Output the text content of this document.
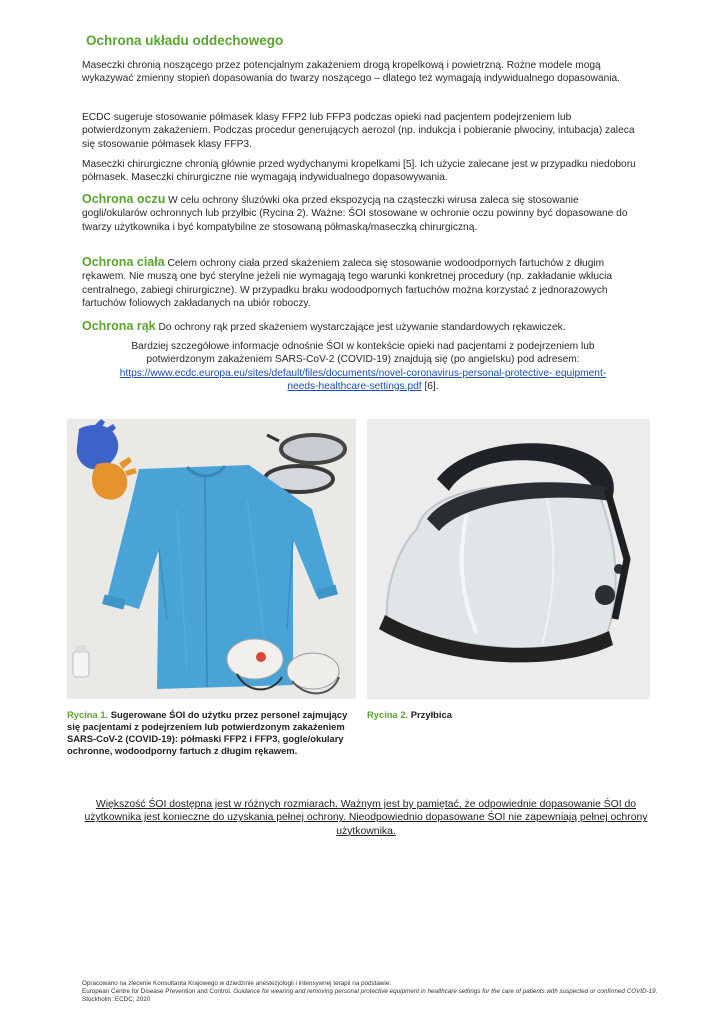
Ochrona układu oddechowego

Maseczki chronią noszącego przez potencjalnym zakażeniem drogą kropelkową i powietrzną. Rożne modele mogą wykazywać zmienny stopień dopasowania do twarzy noszącego – dlatego też wymagają indywidualnego dopasowania.

ECDC sugeruje stosowanie półmasek klasy FFP2 lub FFP3 podczas opieki nad pacjentem podejrzeniem lub potwierdzonym zakażeniem. Podczas procedur generujących aerozol (np. indukcja i pobieranie plwociny, intubacja) zaleca się stosowanie półmasek klasy FFP3.

Maseczki chirurgiczne chronią głównie przed wydychanymi kropelkami [5]. Ich użycie zalecane jest w przypadku niedoboru półmasek. Maseczki chirurgiczne nie wymagają indywidualnego dopasowywania.

Ochrona oczu W celu ochrony śluzówki oka przed ekspozycją na cząsteczki wirusa zaleca się stosowanie gogli/okularów ochronnych lub przyłbic (Rycina 2). Ważne: ŚOI stosowane w ochronie oczu powinny być dopasowane do twarzy użytkownika i być kompatybilne ze stosowaną półmaską/maseczką chirurgiczną.

Ochrona ciała Celem ochrony ciała przed skażeniem zaleca się stosowanie wodoodpornych fartuchów z długim rękawem. Nie muszą one być sterylne jeżeli nie wymagają tego warunki konkretnej procedury (np. zakładanie wkłucia centralnego, zabiegi chirurgiczne). W przypadku braku wodoodpornych fartuchów można korzystać z jednorazowych fartuchów foliowych zakładanych na ubiór roboczy.

Ochrona rąk Do ochrony rąk przed skażeniem wystarczające jest używanie standardowych rękawiczek.

Bardziej szczegółowe informacje odnośnie ŚOI w kontekście opieki nad pacjentami z podejrzeniem lub potwierdzonym zakażeniem SARS-CoV-2 (COVID-19) znajdują się (po angielsku) pod adresem: https://www.ecdc.europa.eu/sites/default/files/documents/novel-coronavirus-personal-protective- equipment-needs-healthcare-settings.pdf [6].

Rycina 1. Sugerowane ŚOI do użytku przez personel zajmujący się pacjentami z podejrzeniem lub potwierdzonym zakażeniem SARS-CoV-2 (COVID-19): półmaski FFP2 i FFP3, gogle/okulary ochronne, wodoodporny fartuch z długim rękawem.

Rycina 2. Przyłbica

Większość ŚOI dostępna jest w różnych rozmiarach. Ważnym jest by pamiętać, że odpowiednie dopasowanie ŚOI do użytkownika jest konieczne do uzyskania pełnej ochrony. Nieodpowiednio dopasowane ŚOI nie zapewniają pełnej ochrony użytkownika.

Opracowano na zlecenie Konsultanta Krajowego w dziedzinie anestezjologii i intensywnej terapii na podstawie:
European Centre for Disease Prevention and Control. Guidance for wearing and removing personal protective equipment in healthcare settings for the care of patients with suspected or confirmed COVID-19. Stockholm: ECDC; 2020
